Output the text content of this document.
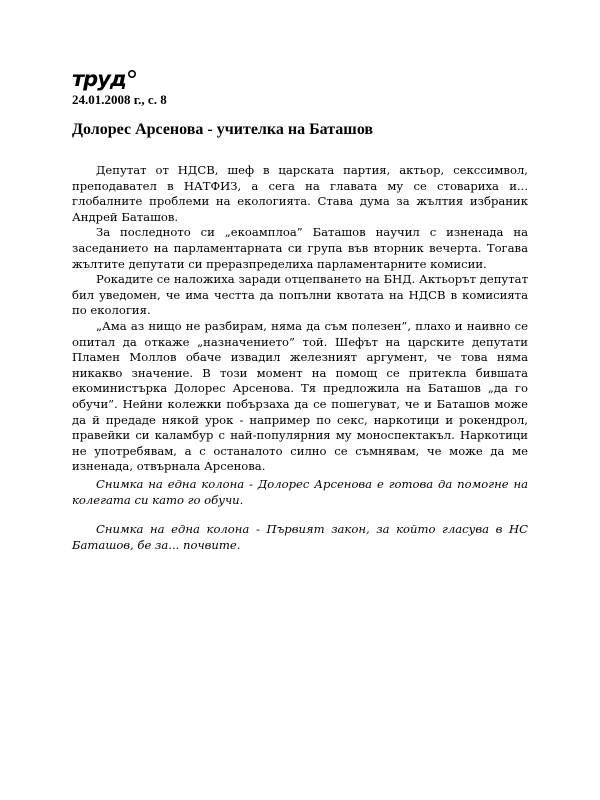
труд
24.01.2008 г., с. 8
Долорес Арсенова - учителка на Баташов

Депутат от НДСВ, шеф в царската партия, актьор, секссимвол, преподавател в НАТФИЗ, а сега на главата му се стовариха и... глобалните проблеми на екологията. Става дума за жълтия избраник Андрей Баташов.

За последното си „екоамплоа” Баташов научил с изненада на заседанието на парламентарната си група във вторник вечерта. Тогава жълтите депутати си преразпределиха парламентарните комисии.

Рокадите се наложиха заради отцепването на БНД. Актьорът депутат бил уведомен, че има честта да попълни квотата на НДСВ в комисията по екология.

„Ама аз нищо не разбирам, няма да съм полезен”, плахо и наивно се опитал да откаже „назначението” той. Шефът на царските депутати Пламен Моллов обаче извадил железният аргумент, че това няма никакво значение. В този момент на помощ се притекла бившата екоминистърка Долорес Арсенова. Тя предложила на Баташов „да го обучи”. Нейни колежки побързаха да се пошегуват, че и Баташов може да й предаде някой урок - например по секс, наркотици и рокендрол, правейки си каламбур с най-популярния му моноспектакъл. Наркотици не употребявам, а с останалото силно се съмнявам, че може да ме изненада, отвърнала Арсенова.

Снимка на една колона - Долорес Арсенова е готова да помогне на колегата си като го обучи.

Снимка на една колона - Първият закон, за който гласува в НС Баташов, бе за... почвите.
